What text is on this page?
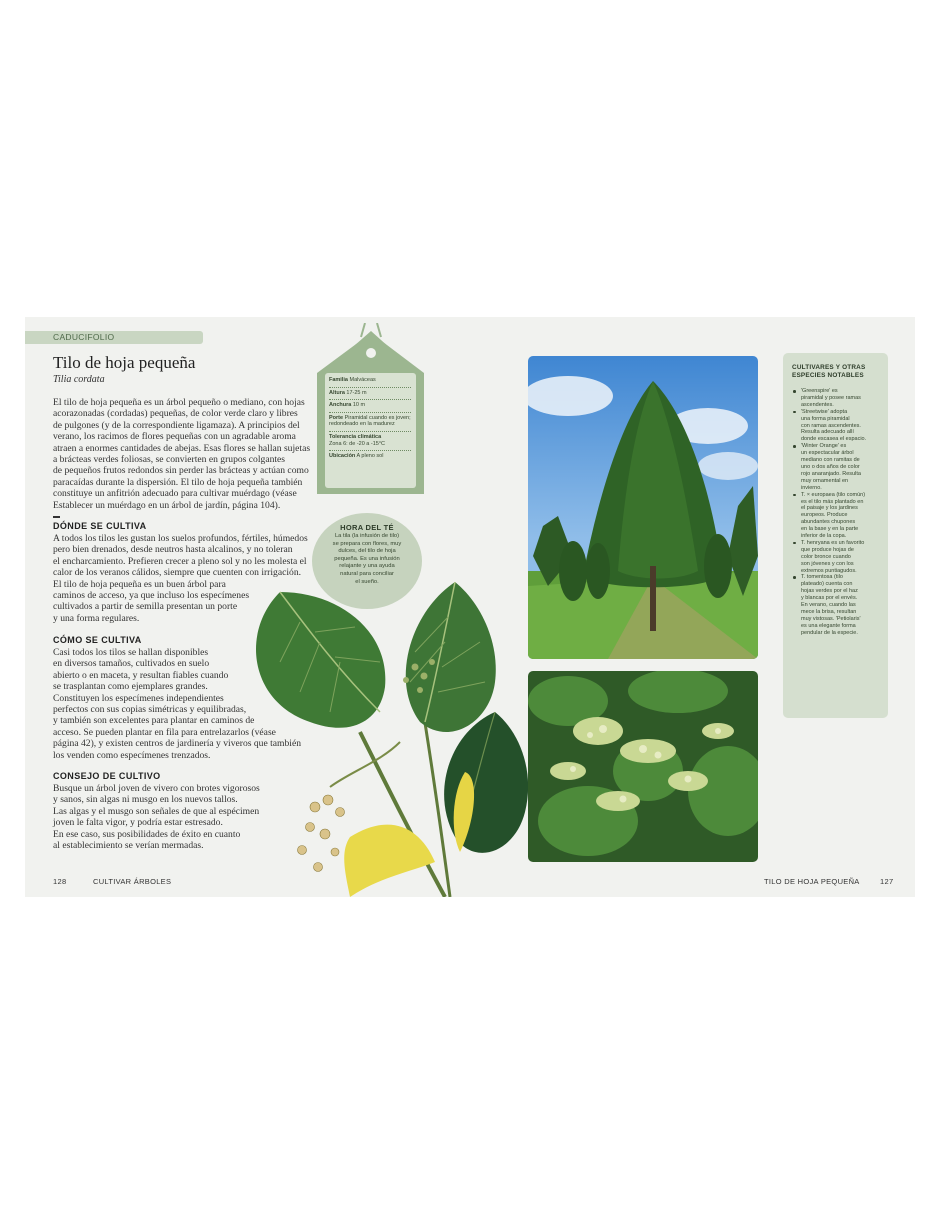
CADUCIFOLIO
Tilo de hoja pequeña
Tilia cordata
El tilo de hoja pequeña es un árbol pequeño o mediano, con hojas
acorazonadas (cordadas) pequeñas, de color verde claro y libres
de pulgones (y de la correspondiente ligamaza). A principios del
verano, los racimos de flores pequeñas con un agradable aroma
atraen a enormes cantidades de abejas. Esas flores se hallan sujetas
a brácteas verdes foliosas, se convierten en grupos colgantes
de pequeños frutos redondos sin perder las brácteas y actúan como
paracaídas durante la dispersión. El tilo de hoja pequeña también
constituye un anfitrión adecuado para cultivar muérdago (véase
Establecer un muérdago en un árbol de jardín, página 104).
DÓNDE SE CULTIVA
A todos los tilos les gustan los suelos profundos, fértiles, húmedos
pero bien drenados, desde neutros hasta alcalinos, y no toleran
el encharcamiento. Prefieren crecer a pleno sol y no les molesta el
calor de los veranos cálidos, siempre que cuenten con irrigación.
El tilo de hoja pequeña es un buen árbol para
caminos de acceso, ya que incluso los especímenes
cultivados a partir de semilla presentan un porte
y una forma regulares.
CÓMO SE CULTIVA
Casi todos los tilos se hallan disponibles
en diversos tamaños, cultivados en suelo
abierto o en maceta, y resultan fiables cuando
se trasplantan como ejemplares grandes.
Constituyen los especímenes independientes
perfectos con sus copias simétricas y equilibradas,
y también son excelentes para plantar en caminos de
acceso. Se pueden plantar en fila para entrelazarlos (véase
página 42), y existen centros de jardinería y viveros que también
los venden como especímenes trenzados.
CONSEJO DE CULTIVO
Busque un árbol joven de vivero con brotes vigorosos
y sanos, sin algas ni musgo en los nuevos tallos.
Las algas y el musgo son señales de que al espécimen
joven le falta vigor, y podría estar estresado.
En ese caso, sus posibilidades de éxito en cuanto
al establecimiento se verían mermadas.
Familia Malváceas
Altura 17-25 m
Anchura 10 m
Porte Piramidal cuando es joven; redondeado en la madurez
Tolerancia climática
Zona 6: de -20 a -15°C
Ubicación A pleno sol
HORA DEL TÉ
La tila (la infusión de tilo)
se prepara con flores, muy
dulces, del tilo de hoja
pequeña. Es una infusión
relajante y una ayuda
natural para conciliar
el sueño.
CULTIVARES Y OTRAS
ESPECIES NOTABLES
'Greenspire' es
piramidal y posee ramas
ascendentes.
'Streetwise' adopta
una forma piramidal
con ramas ascendentes.
Resulta adecuado allí
donde escasea el espacio.
'Winter Orange' es
un espectacular árbol
mediano con ramitas de
uno o dos años de color
rojo anaranjado. Resulta
muy ornamental en
invierno.
T. × europaea (tilo común)
es el tilo más plantado en
el paisaje y los jardines
europeos. Produce
abundantes chupones
en la base y en la parte
inferior de la copa.
T. henryana es un favorito
que produce hojas de
color bronce cuando
son jóvenes y con los
extremos puntiagudos.
T. tomentosa (tilo
plateado) cuenta con
hojas verdes por el haz
y blancas por el envés.
En verano, cuando las
mece la brisa, resultan
muy vistosas. 'Petiolaris'
es una elegante forma
pendular de la especie.
128	CULTIVAR ÁRBOLES	TILO DE HOJA PEQUEÑA	127
